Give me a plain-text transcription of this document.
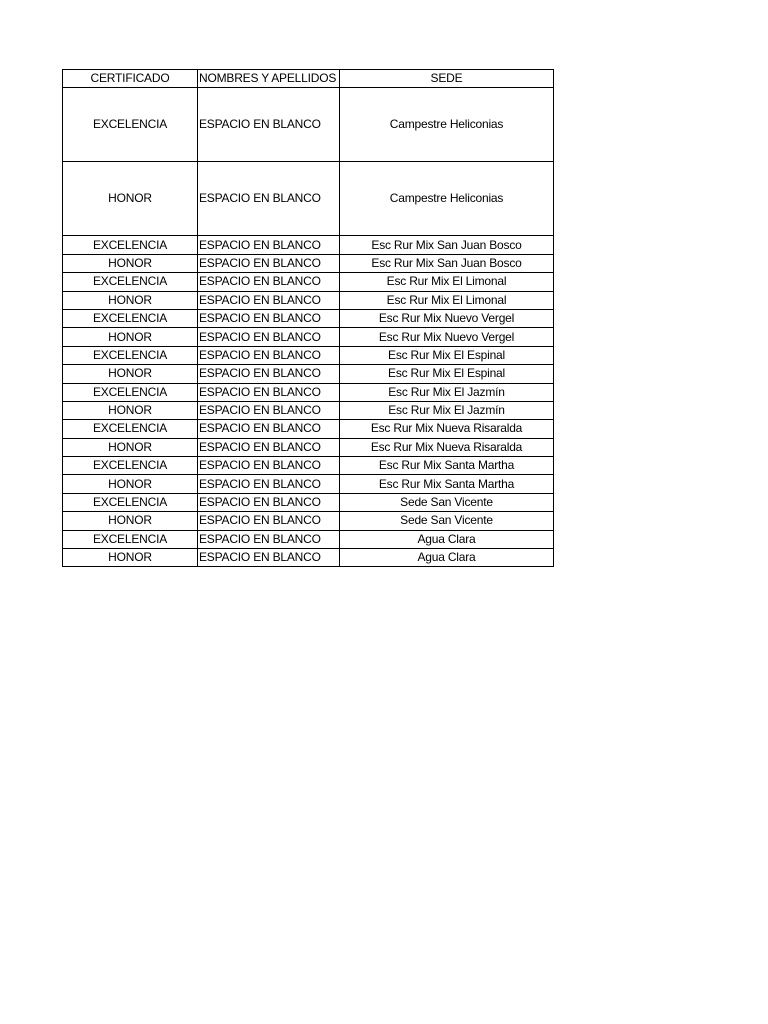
CERTIFICADO	NOMBRES Y APELLIDOS	SEDE
EXCELENCIA	ESPACIO EN BLANCO	Campestre Heliconias
HONOR	ESPACIO EN BLANCO	Campestre Heliconias
EXCELENCIA	ESPACIO EN BLANCO	Esc Rur Mix San Juan Bosco
HONOR	ESPACIO EN BLANCO	Esc Rur Mix San Juan Bosco
EXCELENCIA	ESPACIO EN BLANCO	Esc Rur Mix El Limonal
HONOR	ESPACIO EN BLANCO	Esc Rur Mix El Limonal
EXCELENCIA	ESPACIO EN BLANCO	Esc Rur Mix Nuevo Vergel
HONOR	ESPACIO EN BLANCO	Esc Rur Mix Nuevo Vergel
EXCELENCIA	ESPACIO EN BLANCO	Esc Rur Mix El Espinal
HONOR	ESPACIO EN BLANCO	Esc Rur Mix El Espinal
EXCELENCIA	ESPACIO EN BLANCO	Esc Rur Mix El Jazmín
HONOR	ESPACIO EN BLANCO	Esc Rur Mix El Jazmín
EXCELENCIA	ESPACIO EN BLANCO	Esc Rur Mix Nueva Risaralda
HONOR	ESPACIO EN BLANCO	Esc Rur Mix Nueva Risaralda
EXCELENCIA	ESPACIO EN BLANCO	Esc Rur Mix Santa Martha
HONOR	ESPACIO EN BLANCO	Esc Rur Mix Santa Martha
EXCELENCIA	ESPACIO EN BLANCO	Sede San Vicente
HONOR	ESPACIO EN BLANCO	Sede San Vicente
EXCELENCIA	ESPACIO EN BLANCO	Agua Clara
HONOR	ESPACIO EN BLANCO	Agua Clara
